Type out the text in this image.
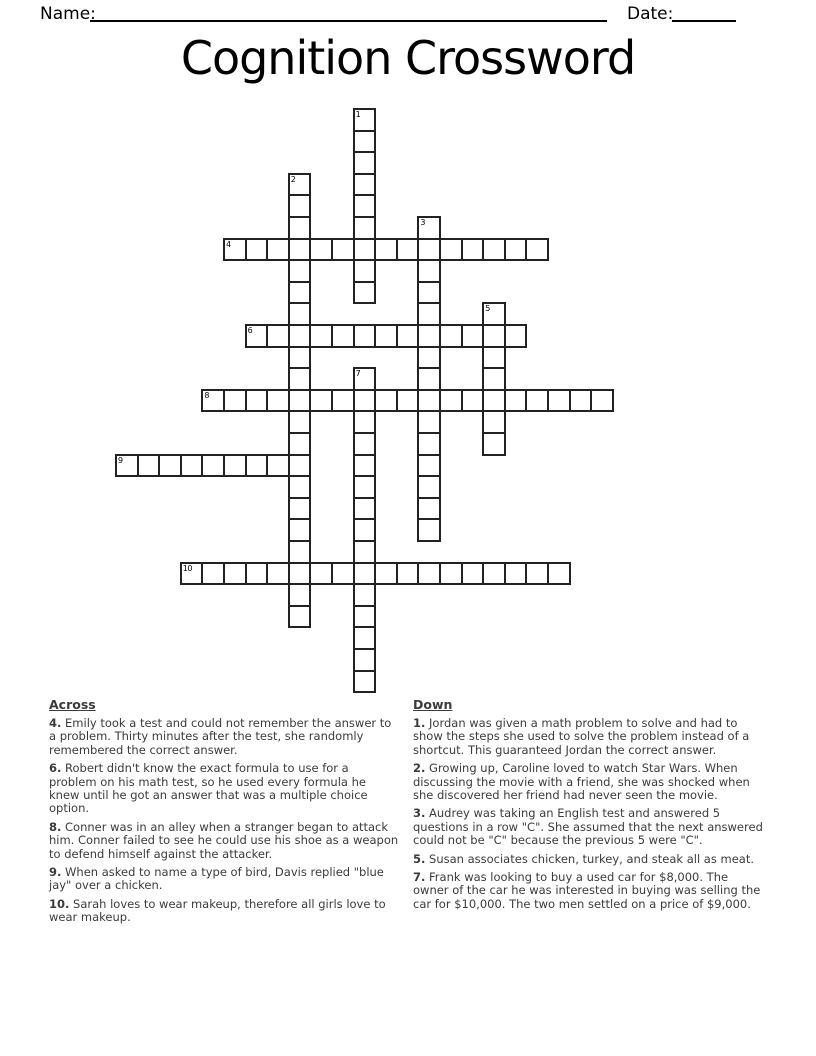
Name:	Date:
Cognition Crossword
4
6
8
9
10
1
2
3
5
7
Across

4. Emily took a test and could not remember the answer to a problem. Thirty minutes after the test, she randomly remembered the correct answer.

6. Robert didn't know the exact formula to use for a problem on his math test, so he used every formula he knew until he got an answer that was a multiple choice option.

8. Conner was in an alley when a stranger began to attack him. Conner failed to see he could use his shoe as a weapon to defend himself against the attacker.

9. When asked to name a type of bird, Davis replied "blue jay" over a chicken.

10. Sarah loves to wear makeup, therefore all girls love to wear makeup.

Down

1. Jordan was given a math problem to solve and had to show the steps she used to solve the problem instead of a shortcut. This guaranteed Jordan the correct answer.

2. Growing up, Caroline loved to watch Star Wars. When discussing the movie with a friend, she was shocked when she discovered her friend had never seen the movie.

3. Audrey was taking an English test and answered 5 questions in a row "C". She assumed that the next answered could not be "C" because the previous 5 were "C".

5. Susan associates chicken, turkey, and steak all as meat.

7. Frank was looking to buy a used car for $8,000. The owner of the car he was interested in buying was selling the car for $10,000. The two men settled on a price of $9,000.
